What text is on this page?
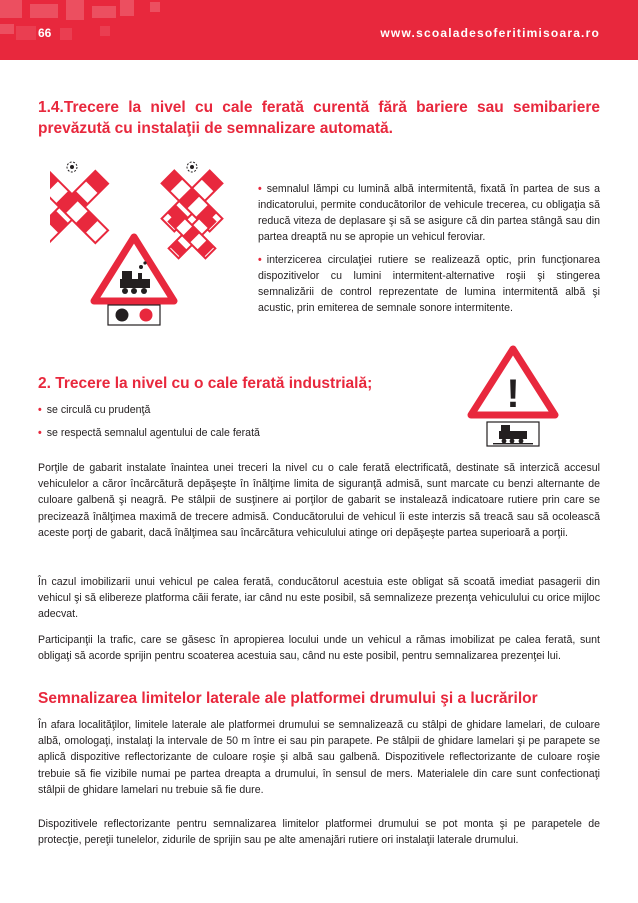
66	www.scoaladesoferitimisoara.ro
1.4.Trecere la nivel cu cale ferată curentă fără bariere sau semibariere prevăzută cu instalaţii de semnalizare automată.
• semnalul lămpi cu lumină albă intermitentă, fixată în partea de sus a indicatorului, permite conducătorilor de vehicule trecerea, cu obligaţia să reducă viteza de deplasare şi să se asigure că din partea stângă sau din partea dreaptă nu se apropie un vehicul feroviar.
• interzicerea circulaţiei rutiere se realizează optic, prin funcţionarea dispozitivelor cu lumini intermitent-alternative roşii şi stingerea semnalizării de control reprezentate de lumina intermitentă albă şi acustic, prin emiterea de semnale sonore intermitente.
2. Trecere la nivel cu o cale ferată industrială;
• se circulă cu prudenţă
• se respectă semnalul agentului de cale ferată
!
Porţile de gabarit instalate înaintea unei treceri la nivel cu o cale ferată electrificată, destinate să interzică accesul vehiculelor a căror încărcătură depăşeşte în înălţime limita de siguranţă admisă, sunt marcate cu benzi alternante de culoare galbenă şi neagră. Pe stâlpii de susţinere ai porţilor de gabarit se instalează indicatoare rutiere prin care se precizează înălţimea maximă de trecere admisă. Conducătorului de vehicul îi este interzis să treacă sau să ocolească aceste porţi de gabarit, dacă înălţimea sau încărcătura vehiculului atinge ori depăşeşte partea superioară a porţii.
În cazul imobilizarii unui vehicul pe calea ferată, conducătorul acestuia este obligat să scoată imediat pasagerii din vehicul şi să elibereze platforma căii ferate, iar când nu este posibil, să semnalizeze prezenţa vehiculului cu orice mijloc adecvat.
Participanţii la trafic, care se găsesc în apropierea locului unde un vehicul a rămas imobilizat pe calea ferată, sunt obligaţi să acorde sprijin pentru scoaterea acestuia sau, când nu este posibil, pentru semnalizarea prezenţei lui.
Semnalizarea limitelor laterale ale platformei drumului şi a lucrărilor
În afara localităţilor, limitele laterale ale platformei drumului se semnalizează cu stâlpi de ghidare lamelari, de culoare albă, omologaţi, instalaţi la intervale de 50 m între ei sau pin parapete. Pe stâlpii de ghidare lamelari şi pe parapete se aplică dispozitive reflectorizante de culoare roşie şi albă sau galbenă. Dispozitivele reflectorizante de culoare roşie trebuie să fie vizibile numai pe partea dreapta a drumului, în sensul de mers. Materialele din care sunt confectionaţi stâlpii de ghidare lamelari nu trebuie să fie dure.
Dispozitivele reflectorizante pentru semnalizarea limitelor platformei drumului se pot monta şi pe parapetele de protecţie, pereţii tunelelor, zidurile de sprijin sau pe alte amenajări rutiere ori instalaţii laterale drumului.
